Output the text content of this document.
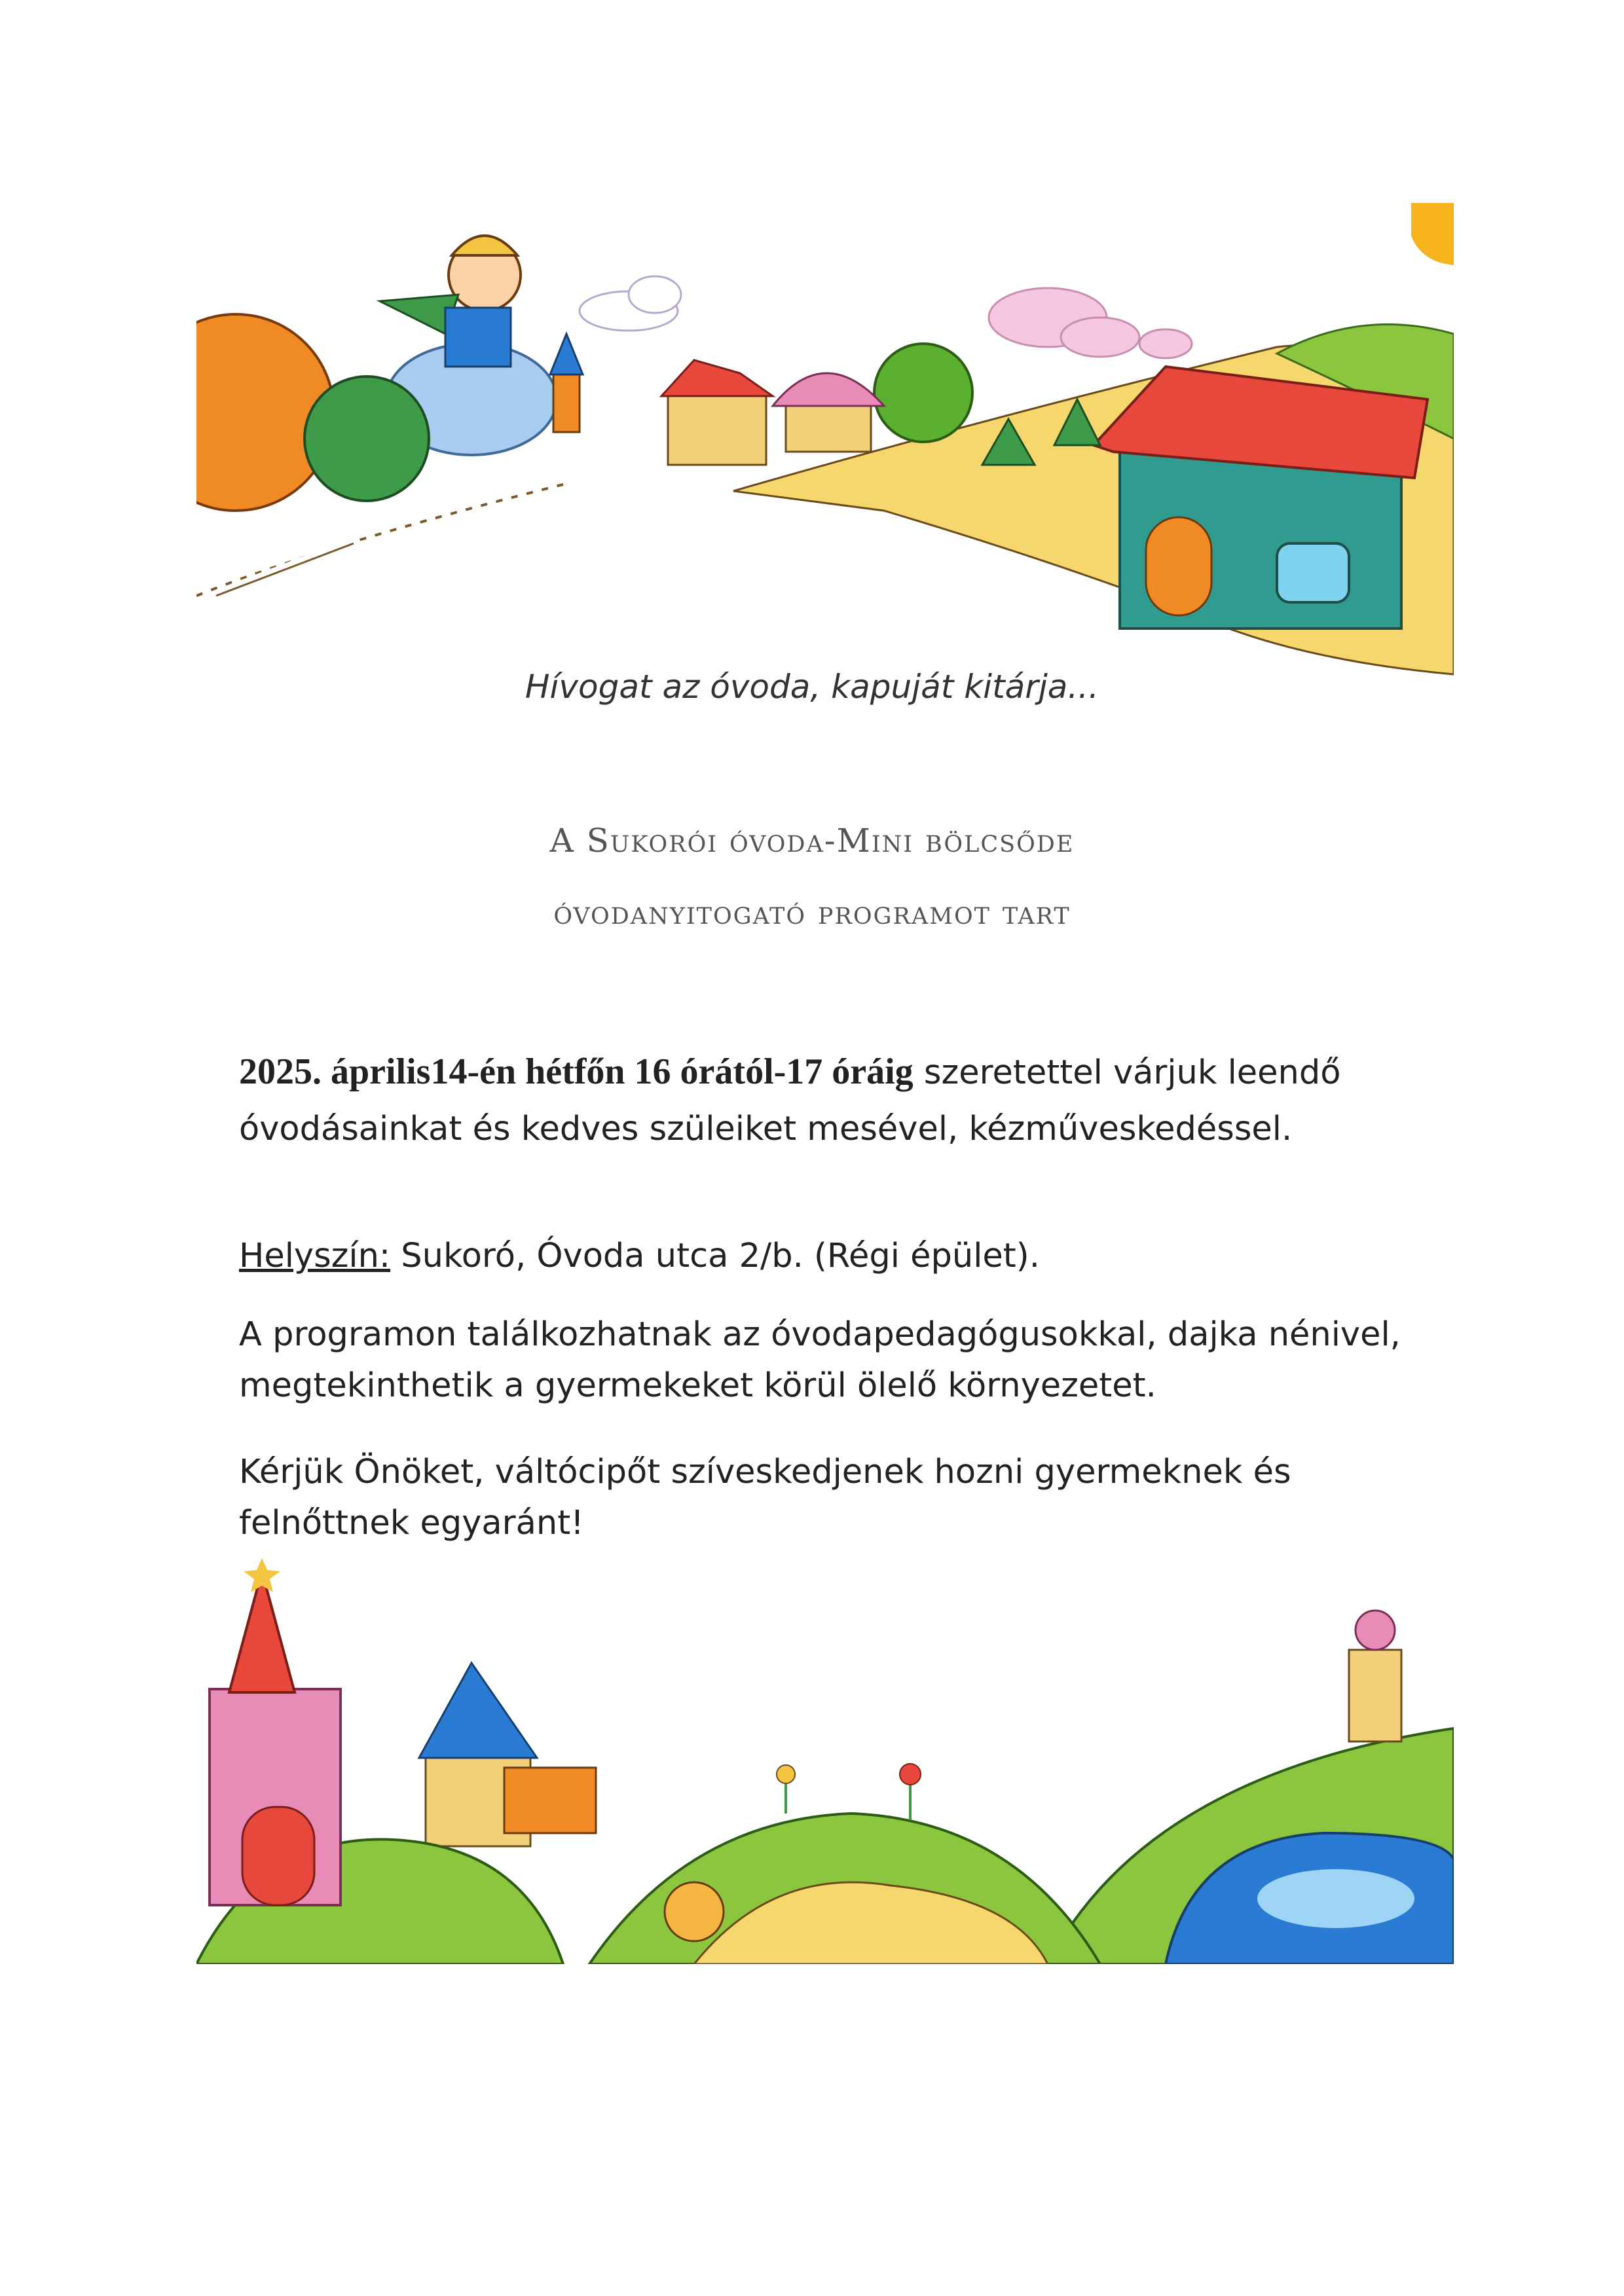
Hívogat az óvoda, kapuját kitárja...
A Sukorói óvoda-Mini bölcsőde
óvodanyitogató programot tart
2025. április14-én hétfőn 16 órától-17 óráig szeretettel várjuk leendő óvodásainkat és kedves szüleiket mesével, kézműveskedéssel.
Helyszín: Sukoró, Óvoda utca 2/b. (Régi épület).
A programon találkozhatnak az óvodapedagógusokkal, dajka nénivel, megtekinthetik a gyermekeket körül ölelő környezetet.
Kérjük Önöket, váltócipőt szíveskedjenek hozni gyermeknek és felnőttnek egyaránt!
